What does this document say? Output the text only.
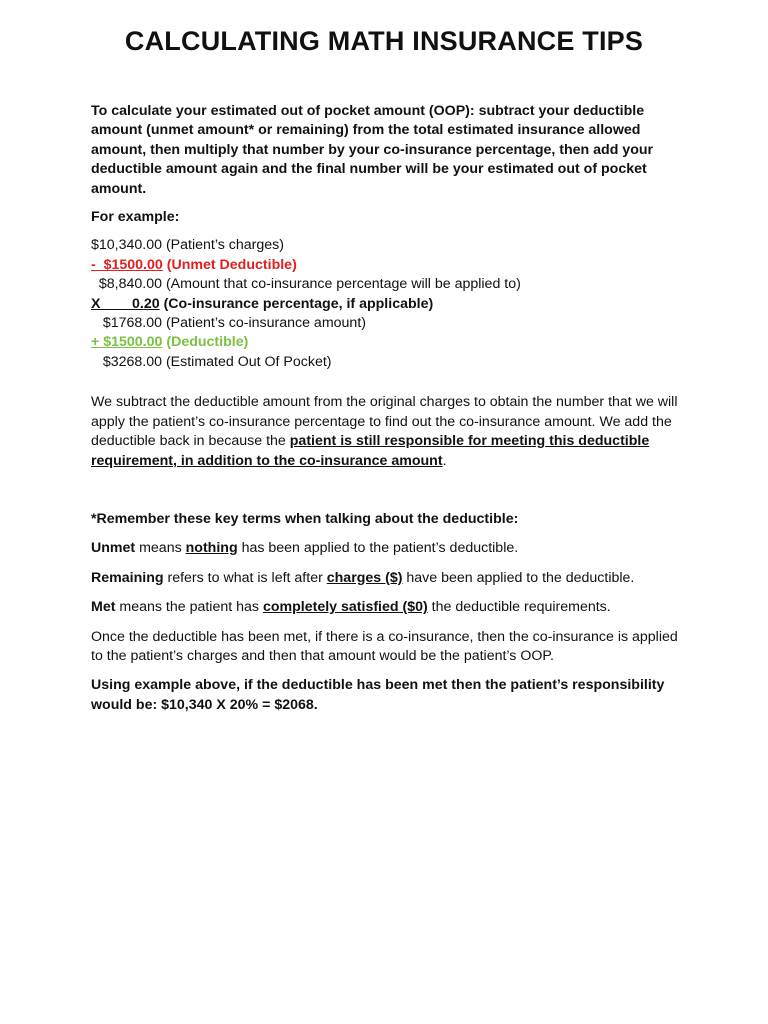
CALCULATING MATH INSURANCE TIPS

To calculate your estimated out of pocket amount (OOP): subtract your deductible amount (unmet amount* or remaining) from the total estimated insurance allowed amount, then multiply that number by your co-insurance percentage, then add your deductible amount again and the final number will be your estimated out of pocket amount.

For example:

$10,340.00 (Patient’s charges)
-  $1500.00 (Unmet Deductible)
$8,840.00 (Amount that co-insurance percentage will be applied to)
X        0.20 (Co-insurance percentage, if applicable)
$1768.00 (Patient’s co-insurance amount)
+ $1500.00 (Deductible)
$3268.00 (Estimated Out Of Pocket)

We subtract the deductible amount from the original charges to obtain the number that we will apply the patient’s co-insurance percentage to find out the co-insurance amount. We add the deductible back in because the patient is still responsible for meeting this deductible requirement, in addition to the co-insurance amount.

*Remember these key terms when talking about the deductible:

Unmet means nothing has been applied to the patient’s deductible.

Remaining refers to what is left after charges ($) have been applied to the deductible.

Met means the patient has completely satisfied ($0) the deductible requirements.

Once the deductible has been met, if there is a co-insurance, then the co-insurance is applied to the patient’s charges and then that amount would be the patient’s OOP.

Using example above, if the deductible has been met then the patient’s responsibility would be: $10,340 X 20% = $2068.
